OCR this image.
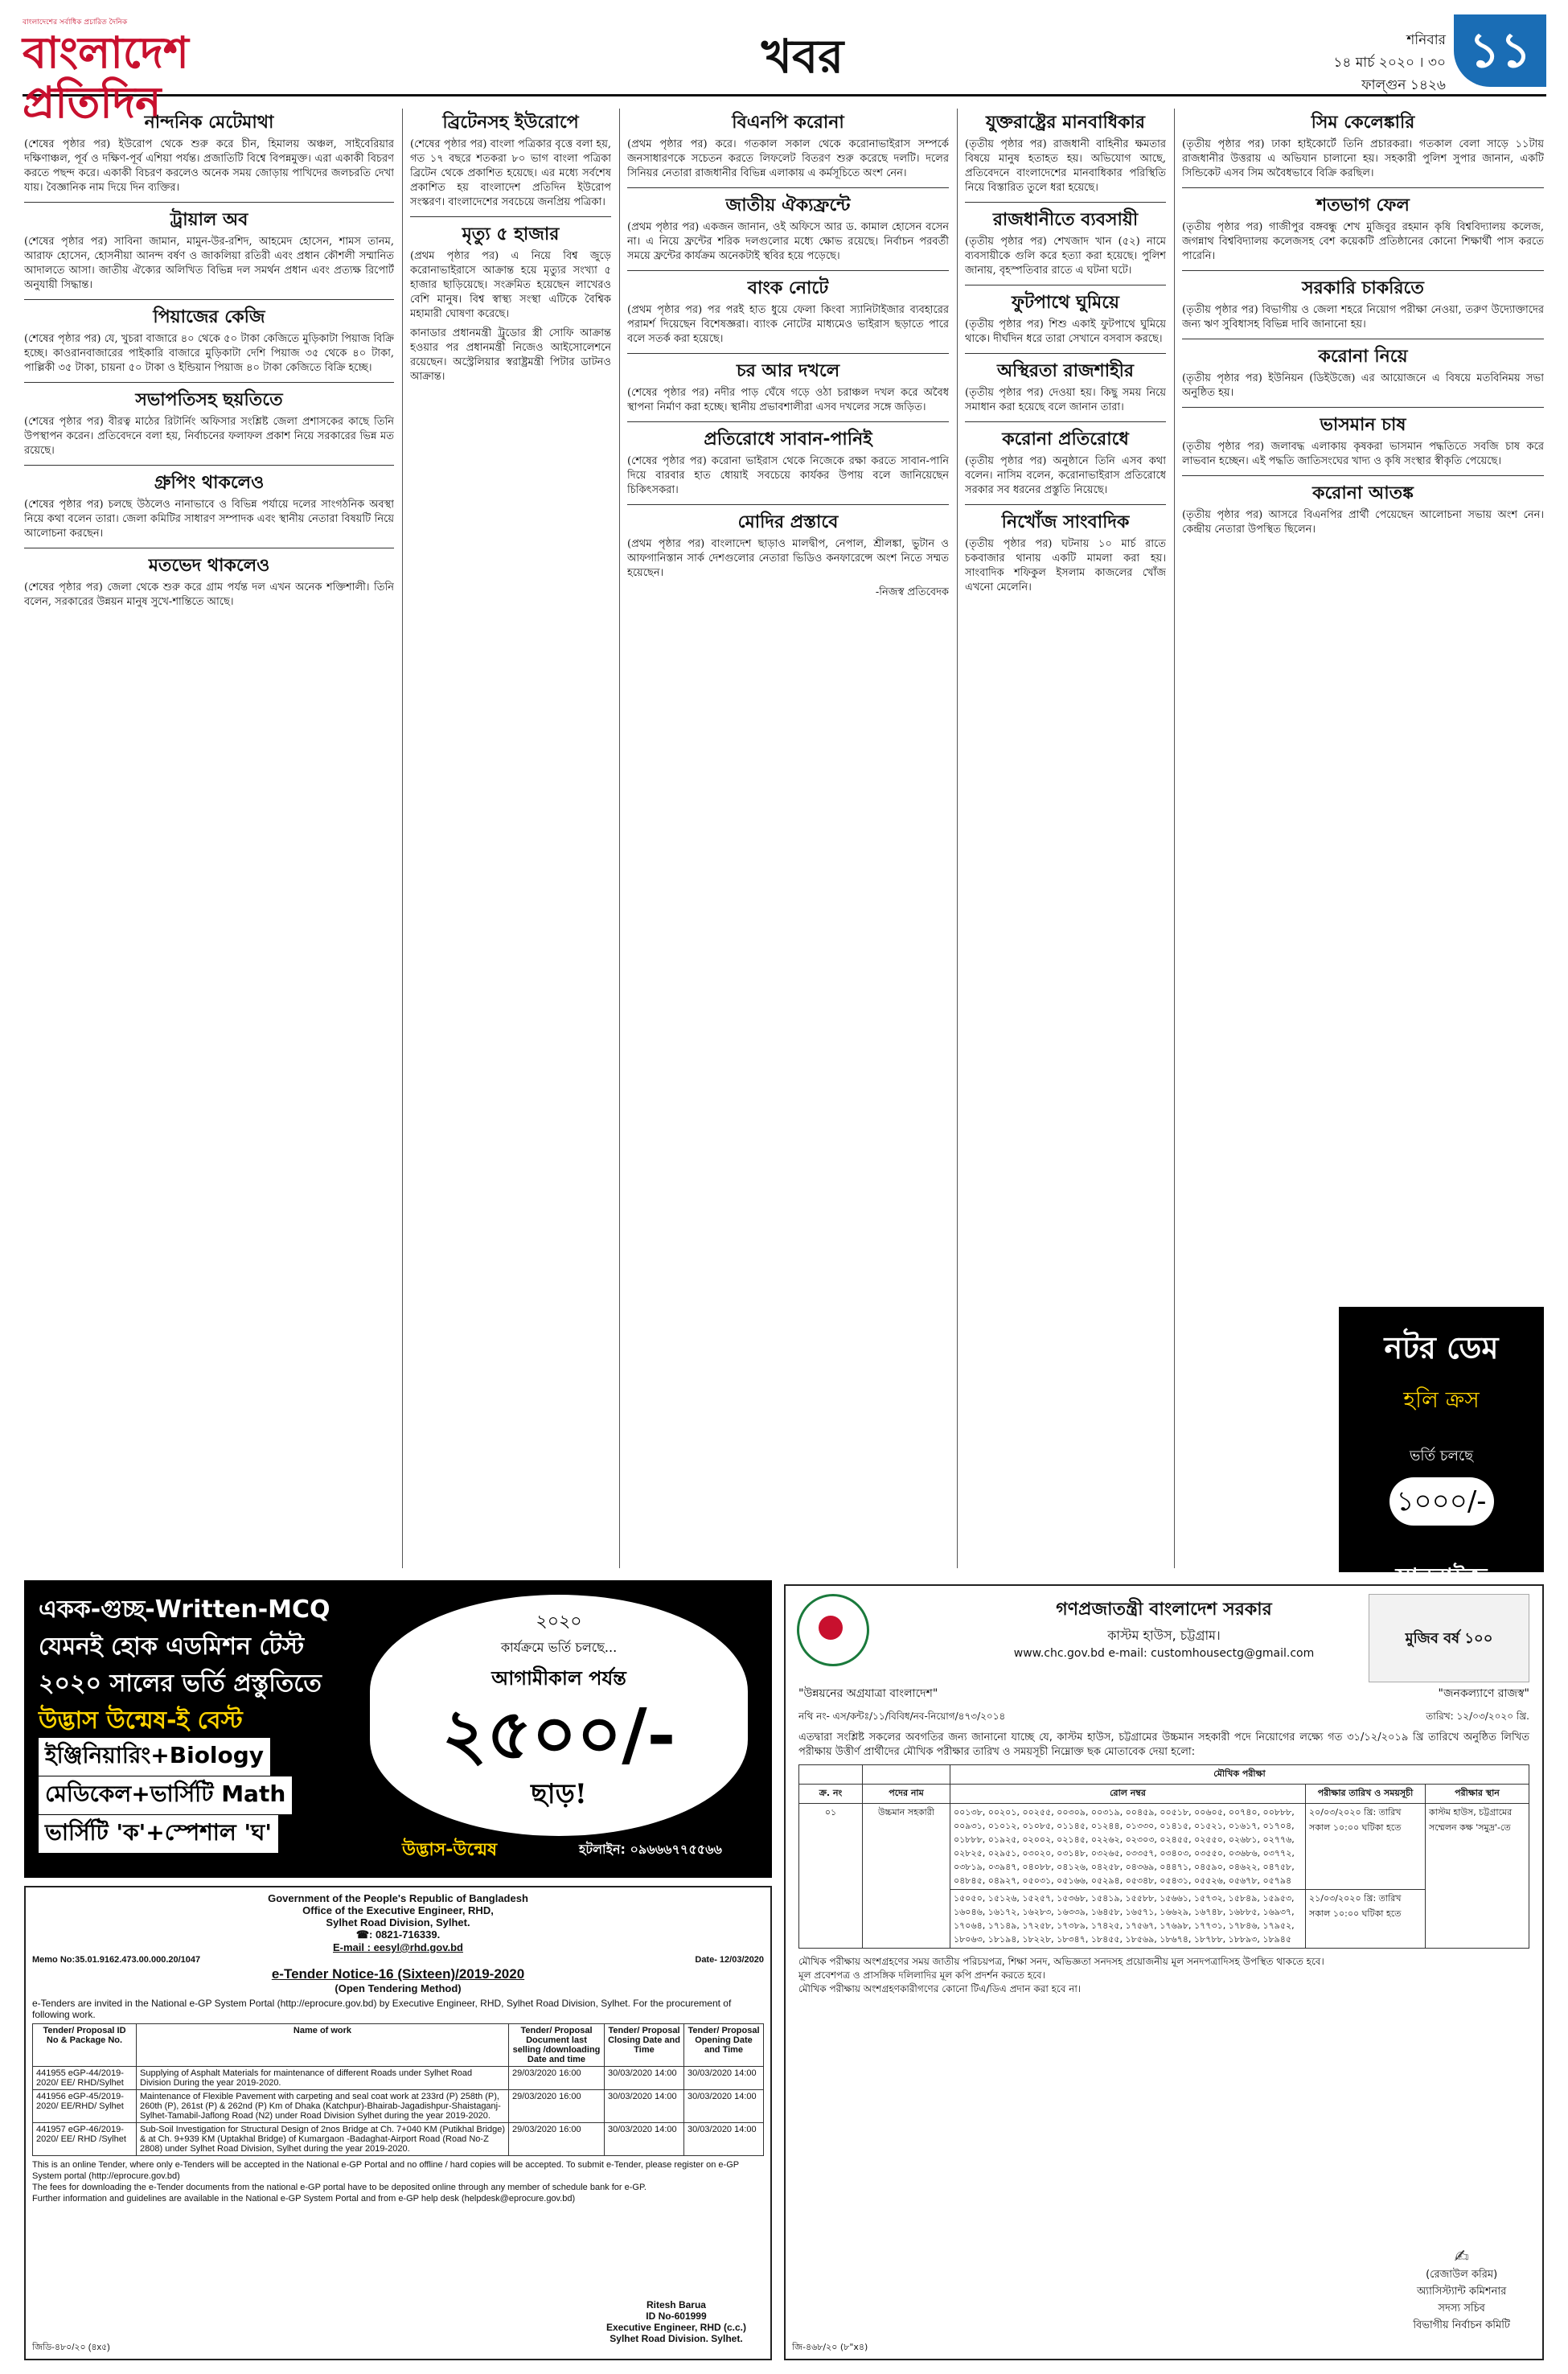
বাংলাদেশের সর্বাধিক প্রচারিত দৈনিক
বাংলাদেশ প্রতিদিন
খবর	শনিবার
১৪ মার্চ ২০২০ । ৩০ ফাল্গুন ১৪২৬
১১
নান্দনিক মেটেমাথা
(শেষের পৃষ্ঠার পর) ইউরোপ থেকে শুরু করে চীন, হিমালয় অঞ্চল, সাইবেরিয়ার দক্ষিণাঞ্চল, পূর্ব ও দক্ষিণ-পূর্ব এশিয়া পর্যন্ত। প্রজাতিটি বিশ্বে বিপন্নমুক্ত। এরা একাকী বিচরণ করতে পছন্দ করে। একাকী বিচরণ করলেও অনেক সময় জোড়ায় পাখিদের জলচরতি দেখা যায়। বৈজ্ঞানিক নাম দিয়ে দিন ব্যক্তির।
ট্রায়াল অব
(শেষের পৃষ্ঠার পর) সাবিনা জামান, মামুন-উর-রশিদ, আহমেদ হোসেন, শামস তানম, আরাফ হোসেন, হোসনীয়া আনন্দ বর্ষণ ও জাকলিয়া রতিরী এবং প্রধান কৌশলী সম্মানিত আদালতে আসা। জাতীয় ঐক্যের অলিখিত বিভিন্ন দল সমর্থন প্রধান এবং প্রত্যক্ষ রিপোর্ট অনুযায়ী সিদ্ধান্ত।
পিয়াজের কেজি
(শেষের পৃষ্ঠার পর) যে, খুচরা বাজারে ৪০ থেকে ৫০ টাকা কেজিতে মুড়িকাটা পিয়াজ বিক্রি হচ্ছে। কাওরানবাজারের পাইকারি বাজারে মুড়িকাটা দেশি পিয়াজ ৩৫ থেকে ৪০ টাকা, পাল্লিকী ৩৫ টাকা, চায়না ৫০ টাকা ও ইন্ডিয়ান পিয়াজ ৪০ টাকা কেজিতে বিক্রি হচ্ছে।
সভাপতিসহ ছয়তিতে
(শেষের পৃষ্ঠার পর) বীরত্ব মাঠের রিটার্নিং অফিসার সংশ্লিষ্ট জেলা প্রশাসকের কাছে তিনি উপস্থাপন করেন। প্রতিবেদনে বলা হয়, নির্বাচনের ফলাফল প্রকাশ নিয়ে সরকারের ভিন্ন মত রয়েছে।
গ্রুপিং থাকলেও
(শেষের পৃষ্ঠার পর) চলছে উঠলেও নানাভাবে ও বিভিন্ন পর্যায়ে দলের সাংগঠনিক অবস্থা নিয়ে কথা বলেন তারা। জেলা কমিটির সাধারণ সম্পাদক এবং স্থানীয় নেতারা বিষয়টি নিয়ে আলোচনা করছেন।
মতভেদ থাকলেও
(শেষের পৃষ্ঠার পর) জেলা থেকে শুরু করে গ্রাম পর্যন্ত দল এখন অনেক শক্তিশালী। তিনি বলেন, সরকারের উন্নয়ন মানুষ সুখে-শান্তিতে আছে।
ব্রিটেনসহ ইউরোপে
(শেষের পৃষ্ঠার পর) বাংলা পত্রিকার বৃত্তে বলা হয়, গত ১৭ বছরে শতকরা ৮০ ভাগ বাংলা পত্রিকা ব্রিটেন থেকে প্রকাশিত হয়েছে। এর মধ্যে সর্বশেষ প্রকাশিত হয় বাংলাদেশ প্রতিদিন ইউরোপ সংস্করণ। বাংলাদেশের সবচেয়ে জনপ্রিয় পত্রিকা।
মৃত্যু ৫ হাজার
(প্রথম পৃষ্ঠার পর) এ নিয়ে বিশ্ব জুড়ে করোনাভাইরাসে আক্রান্ত হয়ে মৃত্যুর সংখ্যা ৫ হাজার ছাড়িয়েছে। সংক্রমিত হয়েছেন লাখেরও বেশি মানুষ। বিশ্ব স্বাস্থ্য সংস্থা এটিকে বৈশ্বিক মহামারী ঘোষণা করেছে।
কানাডার প্রধানমন্ত্রী ট্রুডোর স্ত্রী সোফি আক্রান্ত হওয়ার পর প্রধানমন্ত্রী নিজেও আইসোলেশনে রয়েছেন। অস্ট্রেলিয়ার স্বরাষ্ট্রমন্ত্রী পিটার ডাটনও আক্রান্ত।
বিএনপি করোনা
(প্রথম পৃষ্ঠার পর) করে। গতকাল সকাল থেকে করোনাভাইরাস সম্পর্কে জনসাধারণকে সচেতন করতে লিফলেট বিতরণ শুরু করেছে দলটি। দলের সিনিয়র নেতারা রাজধানীর বিভিন্ন এলাকায় এ কর্মসূচিতে অংশ নেন।
জাতীয় ঐক্যফ্রন্টে
(প্রথম পৃষ্ঠার পর) একজন জানান, ওই অফিসে আর ড. কামাল হোসেন বসেন না। এ নিয়ে ফ্রন্টের শরিক দলগুলোর মধ্যে ক্ষোভ রয়েছে। নির্বাচন পরবর্তী সময়ে ফ্রন্টের কার্যক্রম অনেকটাই স্থবির হয়ে পড়েছে।
বাংক নোটে
(প্রথম পৃষ্ঠার পর) পর পরই হাত ধুয়ে ফেলা কিংবা স্যানিটাইজার ব্যবহারের পরামর্শ দিয়েছেন বিশেষজ্ঞরা। ব্যাংক নোটের মাধ্যমেও ভাইরাস ছড়াতে পারে বলে সতর্ক করা হয়েছে।
চর আর দখলে
(শেষের পৃষ্ঠার পর) নদীর পাড় ঘেঁষে গড়ে ওঠা চরাঞ্চল দখল করে অবৈধ স্থাপনা নির্মাণ করা হচ্ছে। স্থানীয় প্রভাবশালীরা এসব দখলের সঙ্গে জড়িত।
প্রতিরোধে সাবান-পানিই
(শেষের পৃষ্ঠার পর) করোনা ভাইরাস থেকে নিজেকে রক্ষা করতে সাবান-পানি দিয়ে বারবার হাত ধোয়াই সবচেয়ে কার্যকর উপায় বলে জানিয়েছেন চিকিৎসকরা।
মোদির প্রস্তাবে
(প্রথম পৃষ্ঠার পর) বাংলাদেশ ছাড়াও মালদ্বীপ, নেপাল, শ্রীলঙ্কা, ভুটান ও আফগানিস্তান সার্ক দেশগুলোর নেতারা ভিডিও কনফারেন্সে অংশ নিতে সম্মত হয়েছেন।
-নিজস্ব প্রতিবেদক
যুক্তরাষ্ট্রের মানবাধিকার
(তৃতীয় পৃষ্ঠার পর) রাজধানী বাহিনীর ক্ষমতার বিষয়ে মানুষ হতাহত হয়। অভিযোগ আছে, প্রতিবেদনে বাংলাদেশের মানবাধিকার পরিস্থিতি নিয়ে বিস্তারিত তুলে ধরা হয়েছে।
রাজধানীতে ব্যবসায়ী
(তৃতীয় পৃষ্ঠার পর) শেখজাদ খান (৫২) নামে ব্যবসায়ীকে গুলি করে হত্যা করা হয়েছে। পুলিশ জানায়, বৃহস্পতিবার রাতে এ ঘটনা ঘটে।
ফুটপাথে ঘুমিয়ে
(তৃতীয় পৃষ্ঠার পর) শিশু একাই ফুটপাথে ঘুমিয়ে থাকে। দীর্ঘদিন ধরে তারা সেখানে বসবাস করছে।
অস্থিরতা রাজশাহীর
(তৃতীয় পৃষ্ঠার পর) দেওয়া হয়। কিছু সময় নিয়ে সমাধান করা হয়েছে বলে জানান তারা।
করোনা প্রতিরোধে
(তৃতীয় পৃষ্ঠার পর) অনুষ্ঠানে তিনি এসব কথা বলেন। নাসিম বলেন, করোনাভাইরাস প্রতিরোধে সরকার সব ধরনের প্রস্তুতি নিয়েছে।
নিখোঁজ সাংবাদিক
(তৃতীয় পৃষ্ঠার পর) ঘটনায় ১০ মার্চ রাতে চকবাজার থানায় একটি মামলা করা হয়। সাংবাদিক শফিকুল ইসলাম কাজলের খোঁজ এখনো মেলেনি।
সিম কেলেঙ্কারি
(তৃতীয় পৃষ্ঠার পর) ঢাকা হাইকোর্টে তিনি প্রচারকরা। গতকাল বেলা সাড়ে ১১টায় রাজধানীর উত্তরায় এ অভিযান চালানো হয়। সহকারী পুলিশ সুপার জানান, একটি সিন্ডিকেট এসব সিম অবৈধভাবে বিক্রি করছিল।
শতভাগ ফেল
(তৃতীয় পৃষ্ঠার পর) গাজীপুর বঙ্গবন্ধু শেখ মুজিবুর রহমান কৃষি বিশ্ববিদ্যালয় কলেজ, জগন্নাথ বিশ্ববিদ্যালয় কলেজসহ বেশ কয়েকটি প্রতিষ্ঠানের কোনো শিক্ষার্থী পাস করতে পারেনি।
সরকারি চাকরিতে
(তৃতীয় পৃষ্ঠার পর) বিভাগীয় ও জেলা শহরে নিয়োগ পরীক্ষা নেওয়া, তরুণ উদ্যোক্তাদের জন্য ঋণ সুবিধাসহ বিভিন্ন দাবি জানানো হয়।
করোনা নিয়ে
(তৃতীয় পৃষ্ঠার পর) ইউনিয়ন (ডিইউজে) এর আয়োজনে এ বিষয়ে মতবিনিময় সভা অনুষ্ঠিত হয়।
ভাসমান চাষ
(তৃতীয় পৃষ্ঠার পর) জলাবদ্ধ এলাকায় কৃষকরা ভাসমান পদ্ধতিতে সবজি চাষ করে লাভবান হচ্ছেন। এই পদ্ধতি জাতিসংঘের খাদ্য ও কৃষি সংস্থার স্বীকৃতি পেয়েছে।
করোনা আতঙ্ক
(তৃতীয় পৃষ্ঠার পর) আসরে বিএনপির প্রার্থী পেয়েছেন আলোচনা সভায় অংশ নেন। কেন্দ্রীয় নেতারা উপস্থিত ছিলেন।
নটর ডেম
হলি ক্রস
ভর্তি চলছে
১০০০/-
সানরাইজ
একক-গুচ্ছ-Written-MCQ
যেমনই হোক এডমিশন টেস্ট
২০২০ সালের ভর্তি প্রস্তুতিতে
উদ্ভাস উন্মেষ-ই বেস্ট
ইঞ্জিনিয়ারিং+Biology
মেডিকেল+ভার্সিটি Math
ভার্সিটি 'ক'+স্পেশাল 'ঘ'
২০২০
কার্যক্রমে ভর্তি চলছে...
আগামীকাল পর্যন্ত
২৫০০/-
ছাড়!
উদ্ভাস-উন্মেষ	হটলাইন: ০৯৬৬৬৭৭৫৫৬৬
Government of the People's Republic of Bangladesh
Office of the Executive Engineer, RHD,
Sylhet Road Division, Sylhet.
☎: 0821-716339.
E-mail : eesyl@rhd.gov.bd
Memo No:35.01.9162.473.00.000.20/1047	Date- 12/03/2020
e-Tender Notice-16 (Sixteen)/2019-2020
(Open Tendering Method)
e-Tenders are invited in the National e-GP System Portal (http://eprocure.gov.bd) by Executive Engineer, RHD, Sylhet Road Division, Sylhet. For the procurement of following work.
Tender/ Proposal ID No & Package No.	Name of work	Tender/ Proposal Document last selling /downloading Date and time	Tender/ Proposal Closing Date and Time	Tender/ Proposal Opening Date and Time
441955 eGP-44/2019-2020/ EE/ RHD/Sylhet	Supplying of Asphalt Materials for maintenance of different Roads under Sylhet Road Division During the year 2019-2020.	29/03/2020 16:00	30/03/2020 14:00	30/03/2020 14:00
441956 eGP-45/2019-2020/ EE/RHD/ Sylhet	Maintenance of Flexible Pavement with carpeting and seal coat work at 233rd (P) 258th (P), 260th (P), 261st (P) & 262nd (P) Km of Dhaka (Katchpur)-Bhairab-Jagadishpur-Shaistaganj-Sylhet-Tamabil-Jaflong Road (N2) under Road Division Sylhet during the year 2019-2020.	29/03/2020 16:00	30/03/2020 14:00	30/03/2020 14:00
441957 eGP-46/2019-2020/ EE/ RHD /Sylhet	Sub-Soil Investigation for Structural Design of 2nos Bridge at Ch. 7+040 KM (Putikhal Bridge) & at Ch. 9+939 KM (Uptakhal Bridge) of Kumargaon -Badaghat-Airport Road (Road No-Z 2808) under Sylhet Road Division, Sylhet during the year 2019-2020.	29/03/2020 16:00	30/03/2020 14:00	30/03/2020 14:00
This is an online Tender, where only e-Tenders will be accepted in the National e-GP Portal and no offline / hard copies will be accepted. To submit e-Tender, please register on e-GP System portal (http://eprocure.gov.bd)
The fees for downloading the e-Tender documents from the national e-GP portal have to be deposited online through any member of schedule bank for e-GP.
Further information and guidelines are available in the National e-GP System Portal and from e-GP help desk (helpdesk@eprocure.gov.bd)
Ritesh Barua
ID No-601999
Executive Engineer, RHD (c.c.)
Sylhet Road Division. Sylhet.
জিডি-৪৮০/২০ (৪x৫)
গণপ্রজাতন্ত্রী বাংলাদেশ সরকার
কাস্টম হাউস, চট্টগ্রাম।
www.chc.gov.bd e-mail: customhousectg@gmail.com
মুজিব বর্ষ ১০০
"উন্নয়নের অগ্রযাত্রা বাংলাদেশ"	"জনকল্যাণে রাজস্ব"
নথি নং- এস/কন্টঃ/১১/বিবিধ/নব-নিয়োগ/৪৭৩/২০১৪	তারিখ: ১২/০৩/২০২০ খ্রি.
এতদ্বারা সংশ্লিষ্ট সকলের অবগতির জন্য জানানো যাচ্ছে যে, কাস্টম হাউস, চট্টগ্রামের উচ্চমান সহকারী পদে নিয়োগের লক্ষ্যে গত ৩১/১২/২০১৯ খ্রি তারিখে অনুষ্ঠিত লিখিত পরীক্ষায় উত্তীর্ণ প্রার্থীদের মৌখিক পরীক্ষার তারিখ ও সময়সূচী নিম্নোক্ত ছক মোতাবেক দেয়া হলো:
		মৌখিক পরীক্ষা		
ক্র. নং	পদের নাম	রোল নম্বর	পরীক্ষার তারিখ ও সময়সূচী	পরীক্ষার স্থান
০১	উচ্চমান সহকারী	০০১৩৮, ০০২০১, ০০২৫৫, ০০৩০৯, ০০৩১৯, ০০৪৫৯, ০০৫১৮, ০০৬০৫, ০০৭৪০, ০০৮৮৮, ০০৯৩১, ০১০১২, ০১০৮৫, ০১১৪৫, ০১২৪৪, ০১৩৩০, ০১৪১৫, ০১৫২১, ০১৬১৭, ০১৭০৪, ০১৮৮৮, ০১৯২৫, ০২০০২, ০২১৪৫, ০২২৬২, ০২৩০৩, ০২৪৫৫, ০২৫৫০, ০২৬৮১, ০২৭৭৬, ০২৮২৫, ০২৯৫১, ০৩০২০, ০৩১৪৮, ০৩২৬৫, ০৩৩৫৭, ০৩৪০৩, ০৩৫৫০, ০৩৬৮৬, ০৩৭৭২, ০৩৮১৯, ০৩৯৪৭, ০৪০৮৮, ০৪১২৬, ০৪২৫৮, ০৪৩৬৯, ০৪৪৭১, ০৪৫৯০, ০৪৬২২, ০৪৭৫৮, ০৪৮৪৫, ০৪৯২৭, ০৫০৩১, ০৫১৬৬, ০৫২৯৪, ০৫৩৪৮, ০৫৪৩১, ০৫৫২৬, ০৫৬৭৮, ০৫৭৯৪	২০/০৩/২০২০ খ্রি: তারিখ সকাল ১০:০০ ঘটিকা হতে	কাস্টম হাউস, চট্টগ্রামের সম্মেলন কক্ষ 'সমুদ্র'-তে
		১৫০৫০, ১৫১২৬, ১৫২৫৭, ১৫৩৬৮, ১৫৪১৯, ১৫৫৮৮, ১৫৬৬১, ১৫৭৩২, ১৫৮৪৯, ১৫৯৫৩, ১৬০৪৬, ১৬১৭২, ১৬২৮৩, ১৬৩৩৯, ১৬৪৫৮, ১৬৫৭১, ১৬৬২৯, ১৬৭৪৮, ১৬৮৮৫, ১৬৯৩৭, ১৭০৬৪, ১৭১৪৯, ১৭২৫৮, ১৭৩৮৯, ১৭৪২৫, ১৭৫৬৭, ১৭৬৯৮, ১৭৭৩১, ১৭৮৪৬, ১৭৯৫২, ১৮০৬৩, ১৮১৯৪, ১৮২২৮, ১৮৩৪৭, ১৮৪৫৫, ১৮৫৬৯, ১৮৬৭৪, ১৮৭৮৮, ১৮৮৯৩, ১৮৯৪৫	২১/০৩/২০২০ খ্রি: তারিখ সকাল ১০:০০ ঘটিকা হতে	
মৌখিক পরীক্ষায় অংশগ্রহণের সময় জাতীয় পরিচয়পত্র, শিক্ষা সনদ, অভিজ্ঞতা সনদসহ প্রয়োজনীয় মূল সনদপত্রাদিসহ উপস্থিত থাকতে হবে।
মূল প্রবেশপত্র ও প্রাসঙ্গিক দলিলাদির মূল কপি প্রদর্শন করতে হবে।
মৌখিক পরীক্ষায় অংশগ্রহণকারীগণের কোনো টিএ/ডিএ প্রদান করা হবে না।
✍
(রেজাউল করিম)
অ্যাসিস্ট্যান্ট কমিশনার
সদস্য সচিব
বিভাগীয় নির্বাচন কমিটি
জি-৪৬৮/২০ (৮"x৪)
